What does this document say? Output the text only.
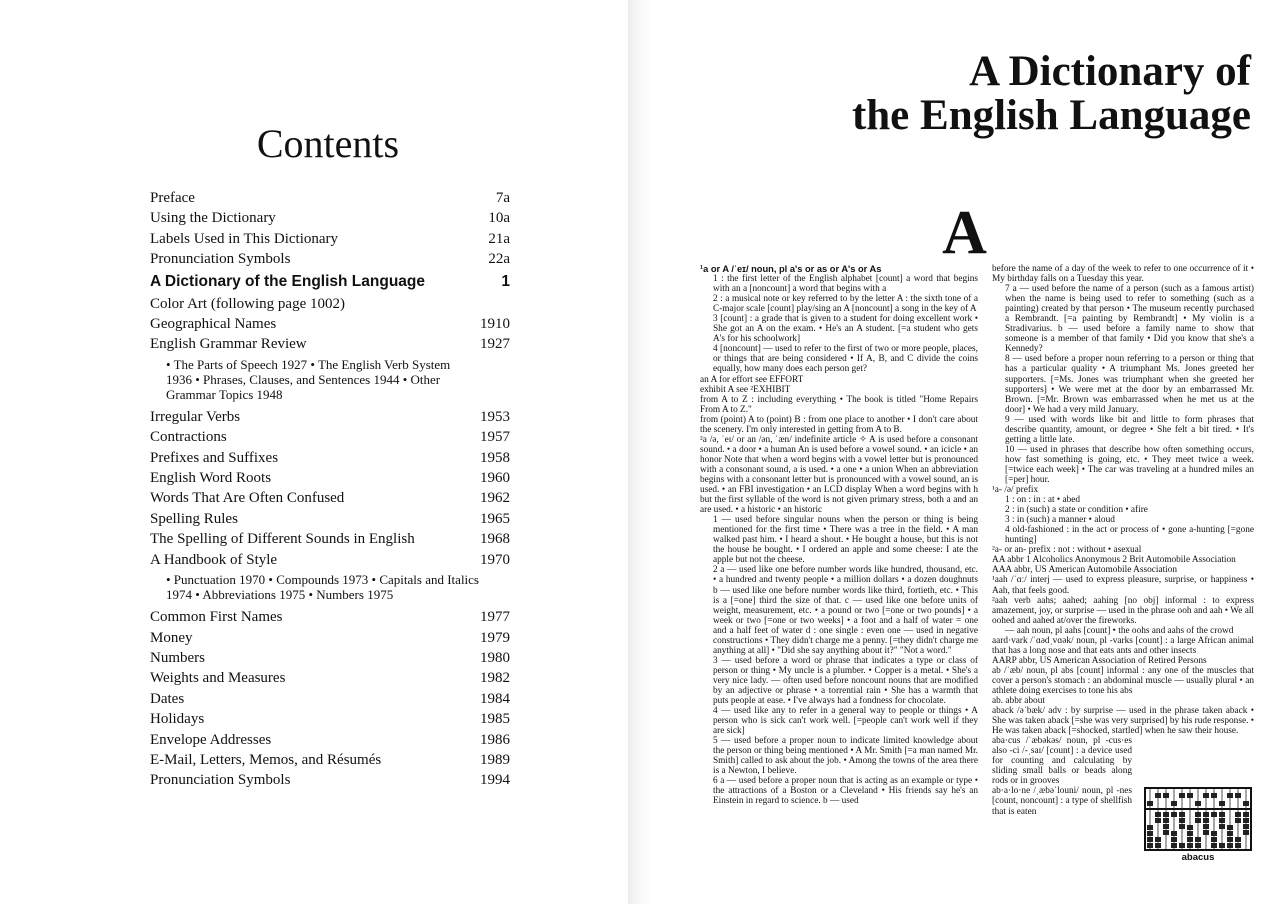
Contents
Preface	7a
Using the Dictionary	10a
Labels Used in This Dictionary	21a
Pronunciation Symbols	22a
A Dictionary of the English Language	1
Color Art (following page 1002)
Geographical Names	1910
English Grammar Review	1927
• The Parts of Speech 1927 • The English Verb System 1936 • Phrases, Clauses, and Sentences 1944 • Other Grammar Topics 1948
Irregular Verbs	1953
Contractions	1957
Prefixes and Suffixes	1958
English Word Roots	1960
Words That Are Often Confused	1962
Spelling Rules	1965
The Spelling of Different Sounds in English	1968
A Handbook of Style	1970
• Punctuation 1970 • Compounds 1973 • Capitals and Italics 1974 • Abbreviations 1975 • Numbers 1975
Common First Names	1977
Money	1979
Numbers	1980
Weights and Measures	1982
Dates	1984
Holidays	1985
Envelope Addresses	1986
E-Mail, Letters, Memos, and Résumés	1989
Pronunciation Symbols	1994
A Dictionary of
the English Language
A

¹a or A /ˈeɪ/ noun, pl a's or as or A's or As

1 : the first letter of the English alphabet [count] a word that begins with an a [noncount] a word that begins with a

2 : a musical note or key referred to by the letter A : the sixth tone of a C-major scale [count] play/sing an A [noncount] a song in the key of A

3 [count] : a grade that is given to a student for doing excellent work • She got an A on the exam. • He's an A student. [=a student who gets A's for his schoolwork]

4 [noncount] — used to refer to the first of two or more people, places, or things that are being considered • If A, B, and C divide the coins equally, how many does each person get?

an A for effort see EFFORT

exhibit A see ²EXHIBIT

from A to Z : including everything • The book is titled "Home Repairs From A to Z."

from (point) A to (point) B : from one place to another • I don't care about the scenery. I'm only interested in getting from A to B.

²a /ə, ˈeɪ/ or an /ən, ˈæn/ indefinite article ✧ A is used before a consonant sound. • a door • a human An is used before a vowel sound. • an icicle • an honor Note that when a word begins with a vowel letter but is pronounced with a consonant sound, a is used. • a one • a union When an abbreviation begins with a consonant letter but is pronounced with a vowel sound, an is used. • an FBI investigation • an LCD display When a word begins with h but the first syllable of the word is not given primary stress, both a and an are used. • a historic • an historic

1 — used before singular nouns when the person or thing is being mentioned for the first time • There was a tree in the field. • A man walked past him. • I heard a shout. • He bought a house, but this is not the house he bought. • I ordered an apple and some cheese: I ate the apple but not the cheese.

2 a — used like one before number words like hundred, thousand, etc. • a hundred and twenty people • a million dollars • a dozen doughnuts b — used like one before number words like third, fortieth, etc. • This is a [=one] third the size of that. c — used like one before units of weight, measurement, etc. • a pound or two [=one or two pounds] • a week or two [=one or two weeks] • a foot and a half of water = one and a half feet of water d : one single : even one — used in negative constructions • They didn't charge me a penny. [=they didn't charge me anything at all] • "Did she say anything about it?" "Not a word."

3 — used before a word or phrase that indicates a type or class of person or thing • My uncle is a plumber. • Copper is a metal. • She's a very nice lady. — often used before noncount nouns that are modified by an adjective or phrase • a torrential rain • She has a warmth that puts people at ease. • I've always had a fondness for chocolate.

4 — used like any to refer in a general way to people or things • A person who is sick can't work well. [=people can't work well if they are sick]

5 — used before a proper noun to indicate limited knowledge about the person or thing being mentioned • A Mr. Smith [=a man named Mr. Smith] called to ask about the job. • Among the towns of the area there is a Newton, I believe.

6 a — used before a proper noun that is acting as an example or type • the attractions of a Boston or a Cleveland • His friends say he's an Einstein in regard to science. b — used

before the name of a day of the week to refer to one occurrence of it • My birthday falls on a Tuesday this year.

7 a — used before the name of a person (such as a famous artist) when the name is being used to refer to something (such as a painting) created by that person • The museum recently purchased a Rembrandt. [=a painting by Rembrandt] • My violin is a Stradivarius. b — used before a family name to show that someone is a member of that family • Did you know that she's a Kennedy?

8 — used before a proper noun referring to a person or thing that has a particular quality • A triumphant Ms. Jones greeted her supporters. [=Ms. Jones was triumphant when she greeted her supporters] • We were met at the door by an embarrassed Mr. Brown. [=Mr. Brown was embarrassed when he met us at the door] • We had a very mild January.

9 — used with words like bit and little to form phrases that describe quantity, amount, or degree • She felt a bit tired. • It's getting a little late.

10 — used in phrases that describe how often something occurs, how fast something is going, etc. • They meet twice a week. [=twice each week] • The car was traveling at a hundred miles an [=per] hour.

¹a- /ə/ prefix

1 : on : in : at • abed

2 : in (such) a state or condition • afire

3 : in (such) a manner • aloud

4 old-fashioned : in the act or process of • gone a-hunting [=gone hunting]

²a- or an- prefix : not : without • asexual

AA abbr 1 Alcoholics Anonymous 2 Brit Automobile Association

AAA abbr, US American Automobile Association

¹aah /ˈɑː/ interj — used to express pleasure, surprise, or happiness • Aah, that feels good.

²aah verb aahs; aahed; aahing [no obj] informal : to express amazement, joy, or surprise — used in the phrase ooh and aah • We all oohed and aahed at/over the fireworks.

— aah noun, pl aahs [count] • the oohs and aahs of the crowd

aard·vark /ˈɑədˌvɑək/ noun, pl -varks [count] : a large African animal that has a long nose and that eats ants and other insects

AARP abbr, US American Association of Retired Persons

ab /ˈæb/ noun, pl abs [count] informal : any one of the muscles that cover a person's stomach : an abdominal muscle — usually plural • an athlete doing exercises to tone his abs

ab. abbr about

aback /əˈbæk/ adv : by surprise — used in the phrase taken aback • She was taken aback [=she was very surprised] by his rude response. • He was taken aback [=shocked, startled] when he saw their house.

aba·cus /ˈæbəkəs/ noun, pl -cus·es also -ci /-ˌsaɪ/ [count] : a device used for counting and calculating by sliding small balls or beads along rods or in grooves

ab·a·lo·ne /ˌæbəˈlouni/ noun, pl -nes [count, noncount] : a type of shellfish that is eaten

abacus
